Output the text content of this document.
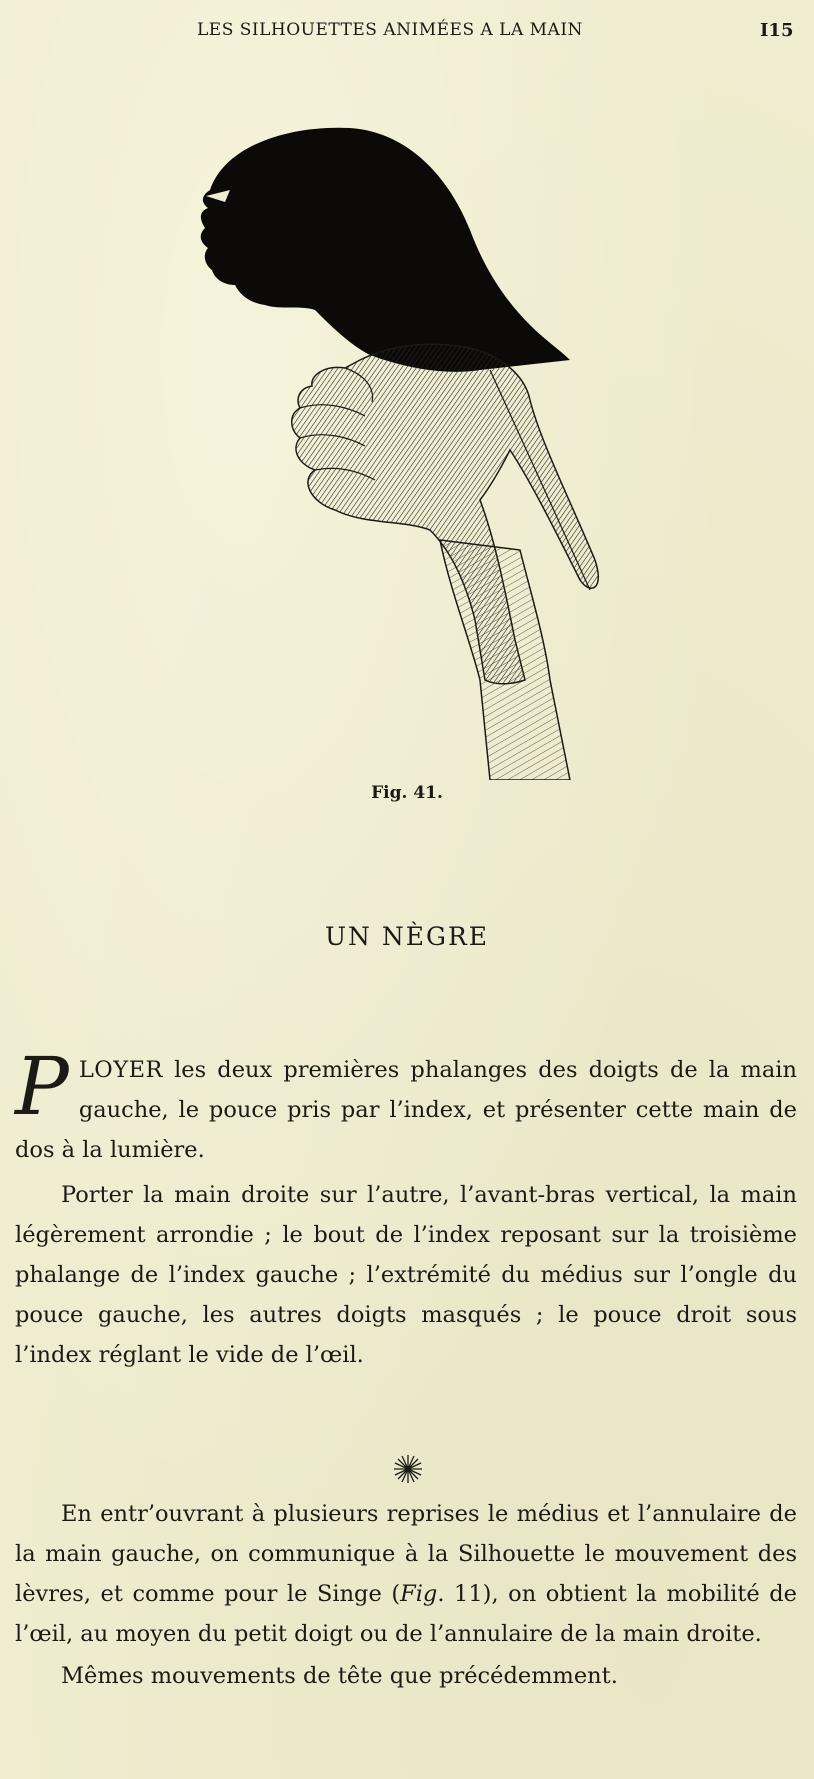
LES SILHOUETTES ANIMÉES A LA MAIN	I15
Fig. 41.
UN NÈGRE

PLOYER les deux premières phalanges des doigts de la main gauche, le pouce pris par l’index, et présenter cette main de dos à la lumière.

Porter la main droite sur l’autre, l’avant-bras vertical, la main légèrement arrondie ; le bout de l’index reposant sur la troisième phalange de l’index gauche ; l’extrémité du médius sur l’ongle du pouce gauche, les autres doigts masqués ; le pouce droit sous l’index réglant le vide de l’œil.

En entr’ouvrant à plusieurs reprises le médius et l’annulaire de la main gauche, on communique à la Silhouette le mouvement des lèvres, et comme pour le Singe (Fig. 11), on obtient la mobilité de l’œil, au moyen du petit doigt ou de l’annulaire de la main droite.

Mêmes mouvements de tête que précédemment.
